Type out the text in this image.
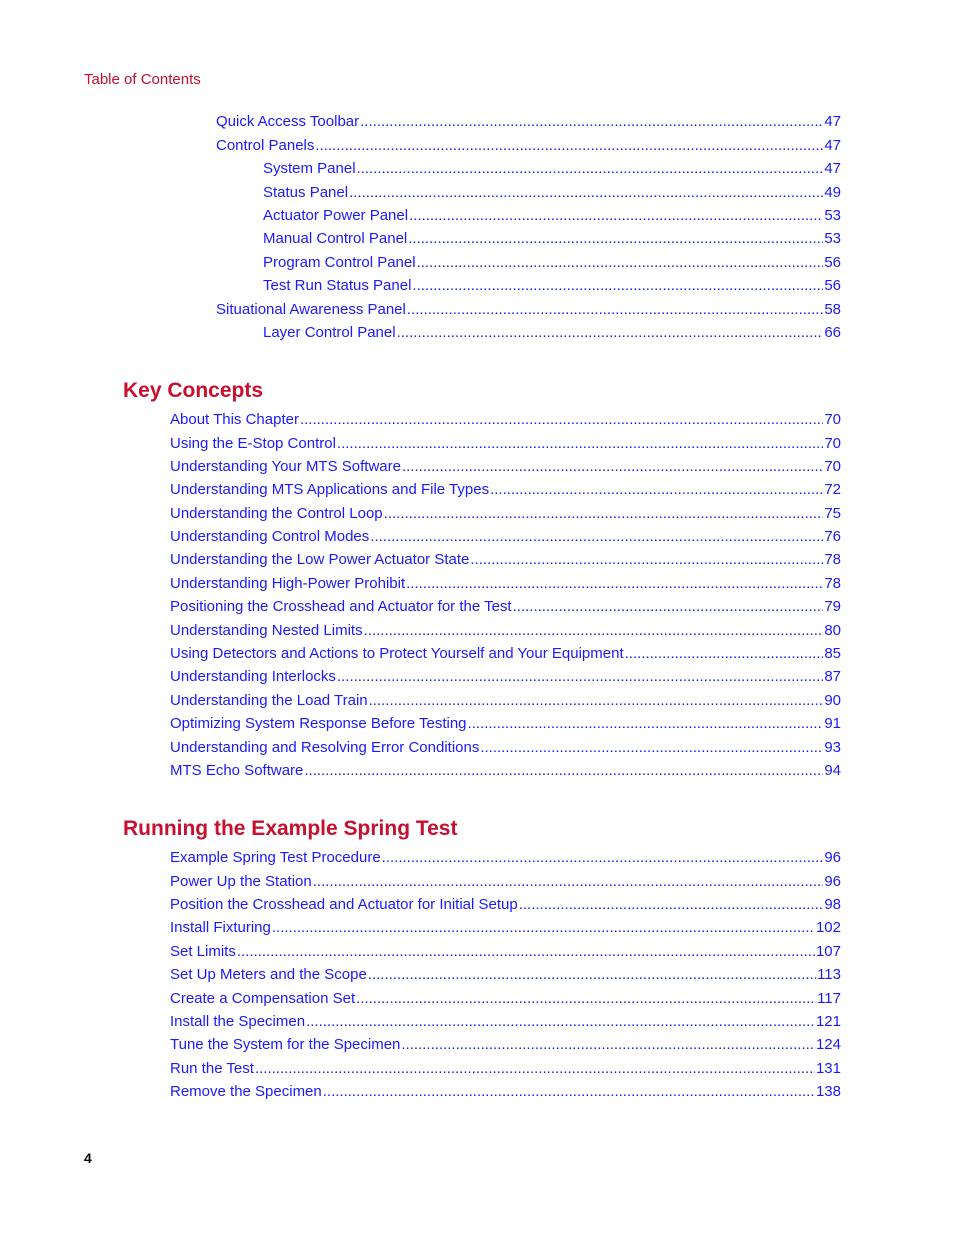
Table of Contents

Quick Access Toolbar .....	47
Control Panels .....	47
System Panel .....	47
Status Panel .....	49
Actuator Power Panel .....	53
Manual Control Panel .....	53
Program Control Panel .....	56
Test Run Status Panel .....	56
Situational Awareness Panel .....	58
Layer Control Panel .....	66
Key Concepts
About This Chapter .....	70
Using the E-Stop Control .....	70
Understanding Your MTS Software .....	70
Understanding MTS Applications and File Types .....	72
Understanding the Control Loop .....	75
Understanding Control Modes .....	76
Understanding the Low Power Actuator State .....	78
Understanding High-Power Prohibit .....	78
Positioning the Crosshead and Actuator for the Test .....	79
Understanding Nested Limits .....	80
Using Detectors and Actions to Protect Yourself and Your Equipment .....	85
Understanding Interlocks .....	87
Understanding the Load Train .....	90
Optimizing System Response Before Testing .....	91
Understanding and Resolving Error Conditions .....	93
MTS Echo Software .....	94
Running the Example Spring Test
Example Spring Test Procedure .....	96
Power Up the Station .....	96
Position the Crosshead and Actuator for Initial Setup .....	98
Install Fixturing .....	102
Set Limits .....	107
Set Up Meters and the Scope .....	113
Create a Compensation Set .....	117
Install the Specimen .....	121
Tune the System for the Specimen .....	124
Run the Test .....	131
Remove the Specimen .....	138

4
